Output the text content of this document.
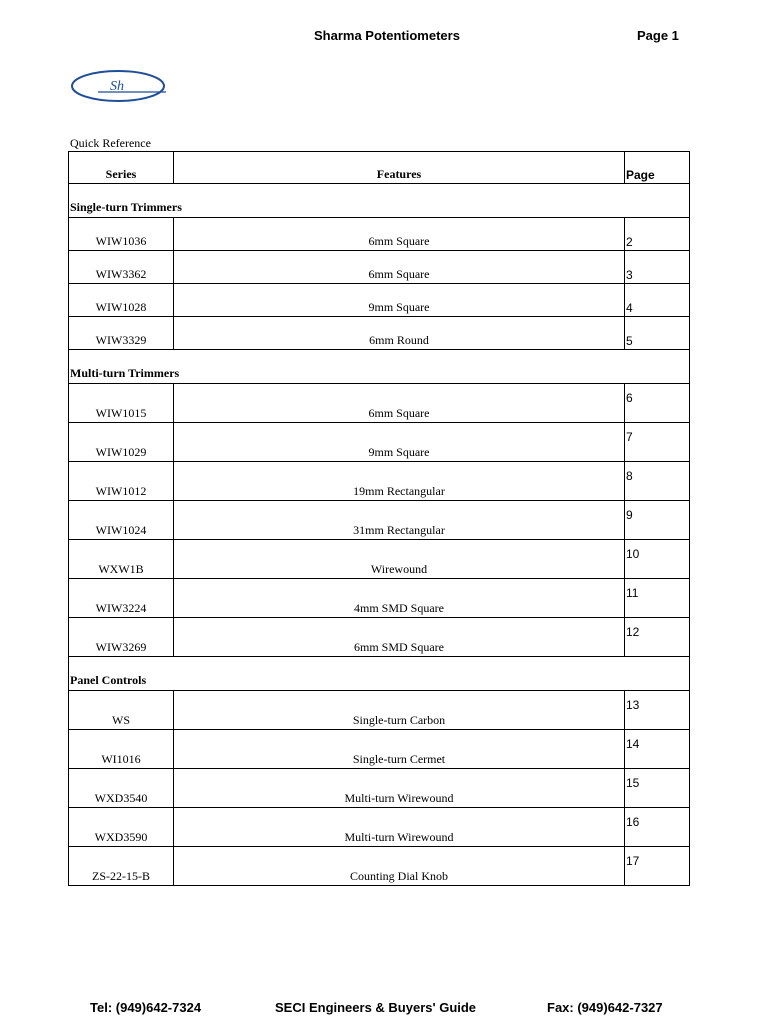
Sharma Potentiometers	Page 1
Sh
Quick Reference
Series	Features	Page
Single-turn Trimmers		
WIW1036	6mm Square	2
WIW3362	6mm Square	3
WIW1028	9mm Square	4
WIW3329	6mm Round	5
Multi-turn Trimmers		
WIW1015	6mm Square	6
WIW1029	9mm Square	7
WIW1012	19mm Rectangular	8
WIW1024	31mm Rectangular	9
WXW1B	Wirewound	10
WIW3224	4mm SMD Square	11
WIW3269	6mm SMD Square	12
Panel Controls		
WS	Single-turn Carbon	13
WI1016	Single-turn Cermet	14
WXD3540	Multi-turn Wirewound	15
WXD3590	Multi-turn Wirewound	16
ZS-22-15-B	Counting Dial Knob	17
Tel: (949)642-7324	SECI Engineers & Buyers' Guide	Fax: (949)642-7327
